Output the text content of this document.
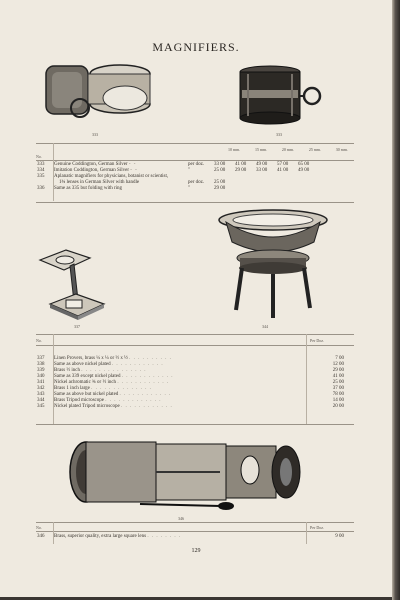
MAGNIFIERS.
333	333
10 mm.	15 mm.	20 mm.	25 mm.	30 mm.
No.
333	Genuine Coddington, German Silver - -	per doz.	33 00	41 00	49 00	57 00	65 00
334	Imitation Coddington, German Silver - -	"	25 00	29 00	33 00	41 00	49 00
335	Aplanatic magnifiers for physicians, botanist or scientist,						
	1¾ lenses in German Silver with handle	per doz.	25 00				
336	Same as 335 but folding with ring	"	29 00				
337	344
No.	Per Doz.
337	Linen Provers, brass ¼ x ¼ or ½ x ½ . . . . . . . . . .	7 00
338	Same as above nickel plated . . . . . . . . . . . .	12 00
339	Brass ½ inch . . . . . . . . . . . . . . .	29 00
340	Same as 339 except nickel plated . . . . . . . . . . . .	41 00
341	Nickel achromatic ¾ or ½ inch . . . . . . . . . . . .	25 00
342	Brass 1 inch large . . . . . . . . . . . . . .	37 00
343	Same as above but nickel plated . . . . . . . . . . . .	78 00
344	Brass Tripod microscope . . . . . . . . . . . . .	14 00
345	Nickel plated Tripod microscope . . . . . . . . . . . .	20 00
346
No.	Per Doz.
346	Brass, superior quality, extra large square lens . . . . . . . .	9 00
129
